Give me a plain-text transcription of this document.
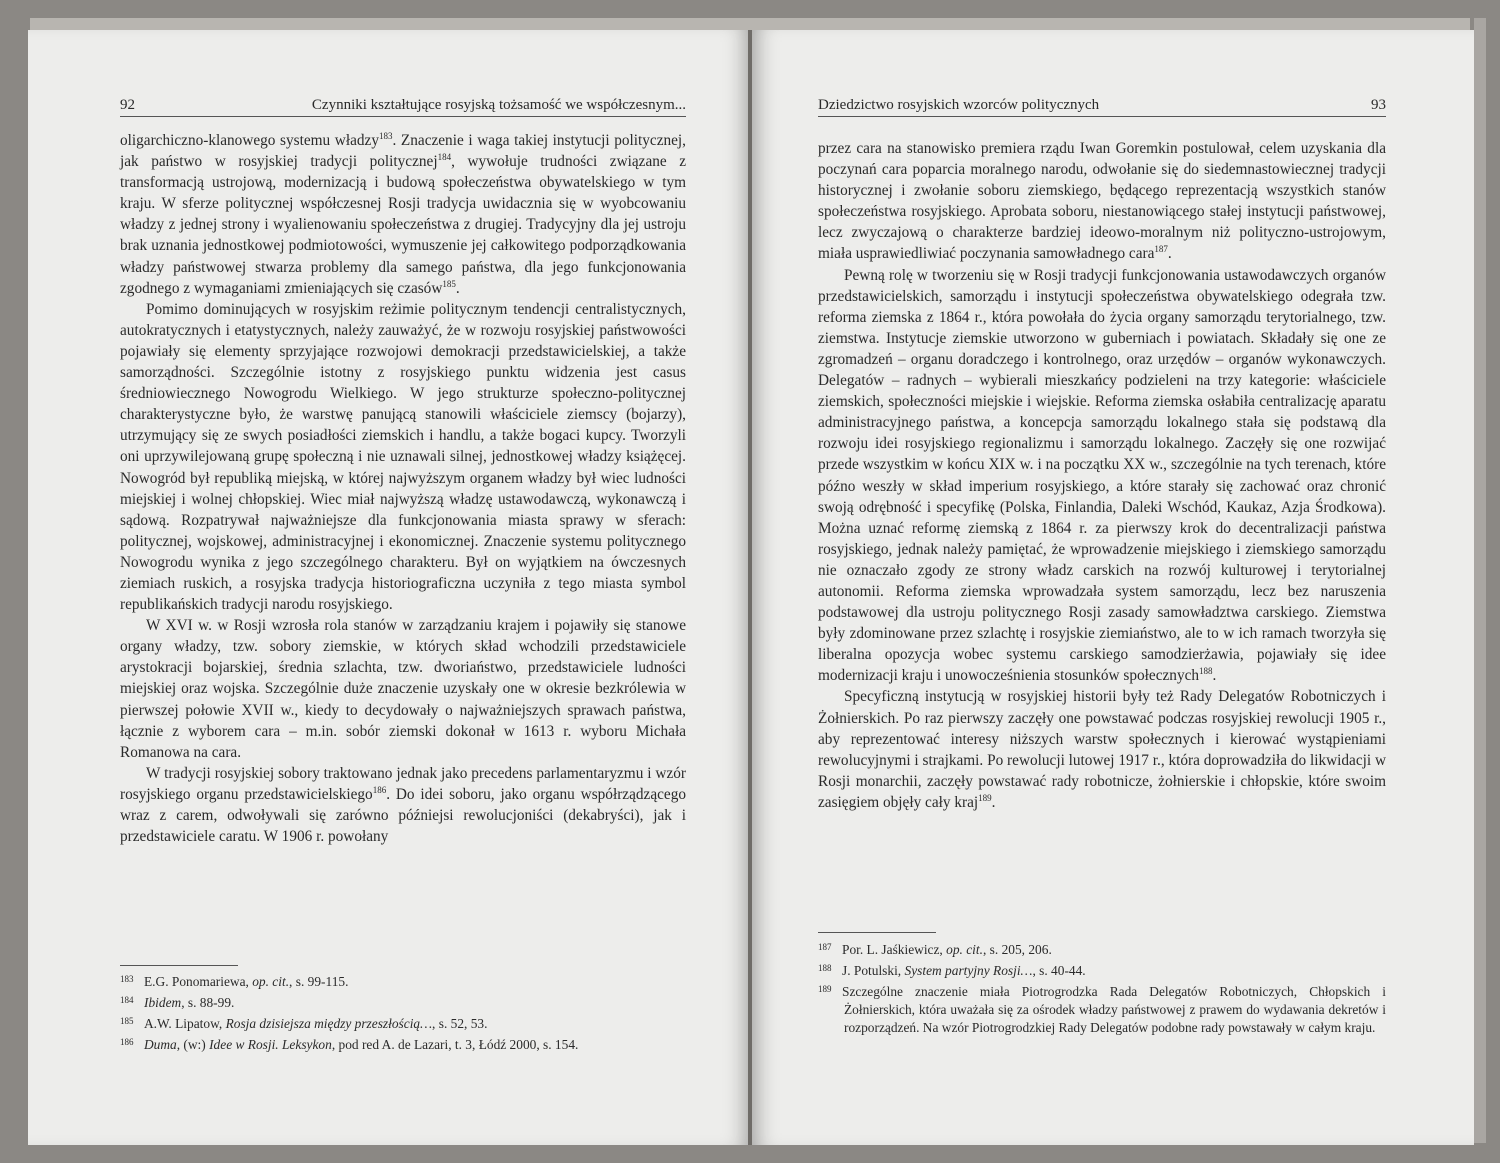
92	Czynniki kształtujące rosyjską tożsamość we współczesnym...

oligarchiczno-klanowego systemu władzy$^{183}$. Znaczenie i waga takiej instytucji politycznej, jak państwo w rosyjskiej tradycji politycznej$^{184}$, wywołuje trudności związane z transformacją ustrojową, modernizacją i budową społeczeństwa obywatelskiego w tym kraju. W sferze politycznej współczesnej Rosji tradycja uwidacznia się w wyobcowaniu władzy z jednej strony i wyalienowaniu społeczeństwa z drugiej. Tradycyjny dla jej ustroju brak uznania jednostkowej podmiotowości, wymuszenie jej całkowitego podporządkowania władzy państwowej stwarza problemy dla samego państwa, dla jego funkcjonowania zgodnego z wymaganiami zmieniających się czasów$^{185}$.

Pomimo dominujących w rosyjskim reżimie politycznym tendencji centralistycznych, autokratycznych i etatystycznych, należy zauważyć, że w rozwoju rosyjskiej państwowości pojawiały się elementy sprzyjające rozwojowi demokracji przedstawicielskiej, a także samorządności. Szczególnie istotny z rosyjskiego punktu widzenia jest casus średniowiecznego Nowogrodu Wielkiego. W jego strukturze społeczno-politycznej charakterystyczne było, że warstwę panującą stanowili właściciele ziemscy (bojarzy), utrzymujący się ze swych posiadłości ziemskich i handlu, a także bogaci kupcy. Tworzyli oni uprzywilejowaną grupę społeczną i nie uznawali silnej, jednostkowej władzy książęcej. Nowogród był republiką miejską, w której najwyższym organem władzy był wiec ludności miejskiej i wolnej chłopskiej. Wiec miał najwyższą władzę ustawodawczą, wykonawczą i sądową. Rozpatrywał najważniejsze dla funkcjonowania miasta sprawy w sferach: politycznej, wojskowej, administracyjnej i ekonomicznej. Znaczenie systemu politycznego Nowogrodu wynika z jego szczególnego charakteru. Był on wyjątkiem na ówczesnych ziemiach ruskich, a rosyjska tradycja historiograficzna uczyniła z tego miasta symbol republikańskich tradycji narodu rosyjskiego.

W XVI w. w Rosji wzrosła rola stanów w zarządzaniu krajem i pojawiły się stanowe organy władzy, tzw. sobory ziemskie, w których skład wchodzili przedstawiciele arystokracji bojarskiej, średnia szlachta, tzw. dworiaństwo, przedstawiciele ludności miejskiej oraz wojska. Szczególnie duże znaczenie uzyskały one w okresie bezkrólewia w pierwszej połowie XVII w., kiedy to decydowały o najważniejszych sprawach państwa, łącznie z wyborem cara – m.in. sobór ziemski dokonał w 1613 r. wyboru Michała Romanowa na cara.

W tradycji rosyjskiej sobory traktowano jednak jako precedens parlamentaryzmu i wzór rosyjskiego organu przedstawicielskiego$^{186}$. Do idei soboru, jako organu współrządzącego wraz z carem, odwoływali się zarówno późniejsi rewolucjoniści (dekabryści), jak i przedstawiciele caratu. W 1906 r. powołany

183 E.G. Ponomariewa, op. cit., s. 99-115.

184 Ibidem, s. 88-99.

185 A.W. Lipatow, Rosja dzisiejsza między przeszłością…, s. 52, 53.

186 Duma, (w:) Idee w Rosji. Leksykon, pod red A. de Lazari, t. 3, Łódź 2000, s. 154.

Dziedzictwo rosyjskich wzorców politycznych	93

przez cara na stanowisko premiera rządu Iwan Goremkin postulował, celem uzyskania dla poczynań cara poparcia moralnego narodu, odwołanie się do siedemnastowiecznej tradycji historycznej i zwołanie soboru ziemskiego, będącego reprezentacją wszystkich stanów społeczeństwa rosyjskiego. Aprobata soboru, niestanowiącego stałej instytucji państwowej, lecz zwyczajową o charakterze bardziej ideowo-moralnym niż polityczno-ustrojowym, miała usprawiedliwiać poczynania samowładnego cara$^{187}$.

Pewną rolę w tworzeniu się w Rosji tradycji funkcjonowania ustawodawczych organów przedstawicielskich, samorządu i instytucji społeczeństwa obywatelskiego odegrała tzw. reforma ziemska z 1864 r., która powołała do życia organy samorządu terytorialnego, tzw. ziemstwa. Instytucje ziemskie utworzono w guberniach i powiatach. Składały się one ze zgromadzeń – organu doradczego i kontrolnego, oraz urzędów – organów wykonawczych. Delegatów – radnych – wybierali mieszkańcy podzieleni na trzy kategorie: właściciele ziemskich, społeczności miejskie i wiejskie. Reforma ziemska osłabiła centralizację aparatu administracyjnego państwa, a koncepcja samorządu lokalnego stała się podstawą dla rozwoju idei rosyjskiego regionalizmu i samorządu lokalnego. Zaczęły się one rozwijać przede wszystkim w końcu XIX w. i na początku XX w., szczególnie na tych terenach, które późno weszły w skład imperium rosyjskiego, a które starały się zachować oraz chronić swoją odrębność i specyfikę (Polska, Finlandia, Daleki Wschód, Kaukaz, Azja Środkowa). Można uznać reformę ziemską z 1864 r. za pierwszy krok do decentralizacji państwa rosyjskiego, jednak należy pamiętać, że wprowadzenie miejskiego i ziemskiego samorządu nie oznaczało zgody ze strony władz carskich na rozwój kulturowej i terytorialnej autonomii. Reforma ziemska wprowadzała system samorządu, lecz bez naruszenia podstawowej dla ustroju politycznego Rosji zasady samowładztwa carskiego. Ziemstwa były zdominowane przez szlachtę i rosyjskie ziemiaństwo, ale to w ich ramach tworzyła się liberalna opozycja wobec systemu carskiego samodzierżawia, pojawiały się idee modernizacji kraju i unowocześnienia stosunków społecznych$^{188}$.

Specyficzną instytucją w rosyjskiej historii były też Rady Delegatów Robotniczych i Żołnierskich. Po raz pierwszy zaczęły one powstawać podczas rosyjskiej rewolucji 1905 r., aby reprezentować interesy niższych warstw społecznych i kierować wystąpieniami rewolucyjnymi i strajkami. Po rewolucji lutowej 1917 r., która doprowadziła do likwidacji w Rosji monarchii, zaczęły powstawać rady robotnicze, żołnierskie i chłopskie, które swoim zasięgiem objęły cały kraj$^{189}$.

187 Por. L. Jaśkiewicz, op. cit., s. 205, 206.

188 J. Potulski, System partyjny Rosji…, s. 40-44.

189 Szczególne znaczenie miała Piotrogrodzka Rada Delegatów Robotniczych, Chłopskich i Żołnierskich, która uważała się za ośrodek władzy państwowej z prawem do wydawania dekretów i rozporządzeń. Na wzór Piotrogrodzkiej Rady Delegatów podobne rady powstawały w całym kraju.
